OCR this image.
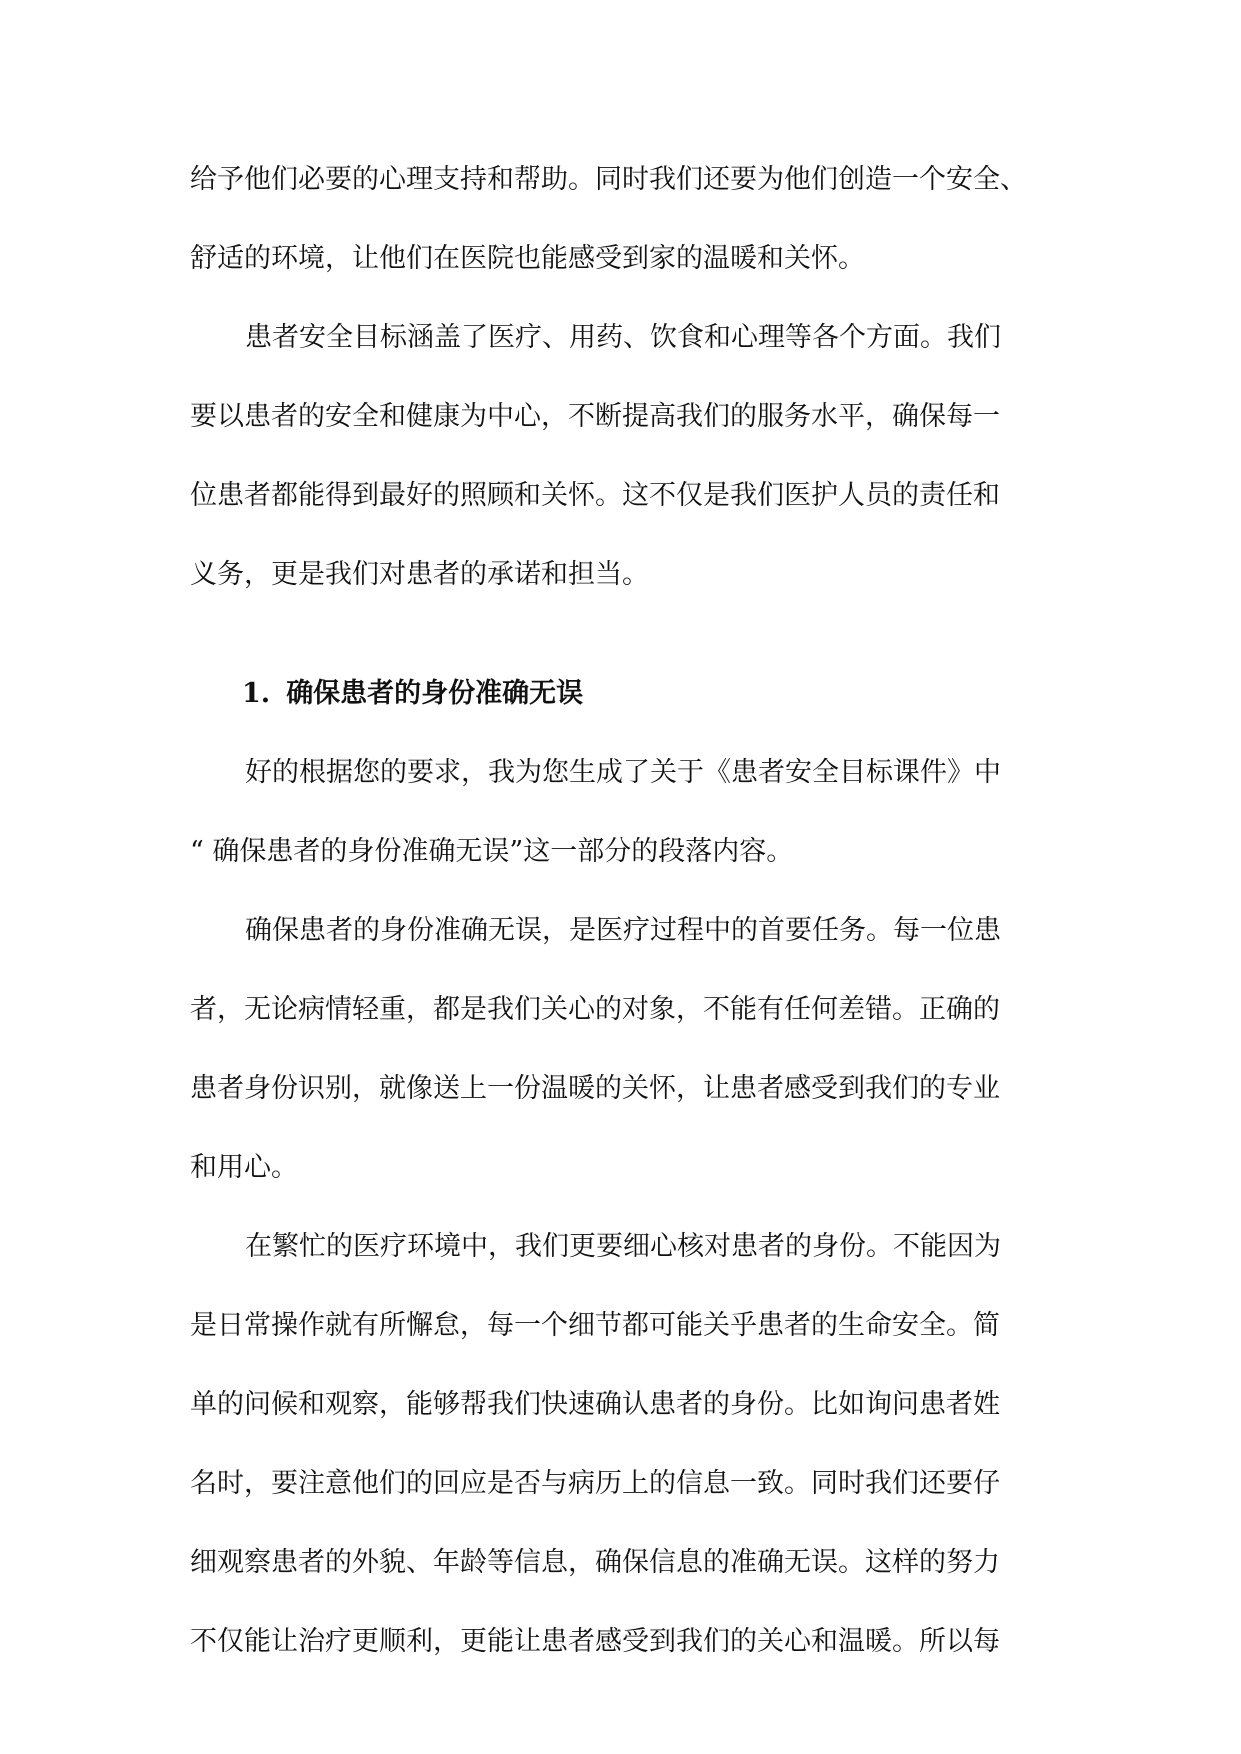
给予他们必要的心理支持和帮助。同时我们还要为他们创造一个安全、
舒适的环境，让他们在医院也能感受到家的温暖和关怀。
患者安全目标涵盖了医疗、用药、饮食和心理等各个方面。我们
要以患者的安全和健康为中心，不断提高我们的服务水平，确保每一
位患者都能得到最好的照顾和关怀。这不仅是我们医护人员的责任和
义务，更是我们对患者的承诺和担当。
1. 确保患者的身份准确无误
好的根据您的要求，我为您生成了关于《患者安全目标课件》中
“ 确保患者的身份准确无误”这一部分的段落内容。
确保患者的身份准确无误，是医疗过程中的首要任务。每一位患
者，无论病情轻重，都是我们关心的对象，不能有任何差错。正确的
患者身份识别，就像送上一份温暖的关怀，让患者感受到我们的专业
和用心。
在繁忙的医疗环境中，我们更要细心核对患者的身份。不能因为
是日常操作就有所懈怠，每一个细节都可能关乎患者的生命安全。简
单的问候和观察，能够帮我们快速确认患者的身份。比如询问患者姓
名时，要注意他们的回应是否与病历上的信息一致。同时我们还要仔
细观察患者的外貌、年龄等信息，确保信息的准确无误。这样的努力
不仅能让治疗更顺利，更能让患者感受到我们的关心和温暖。所以每
